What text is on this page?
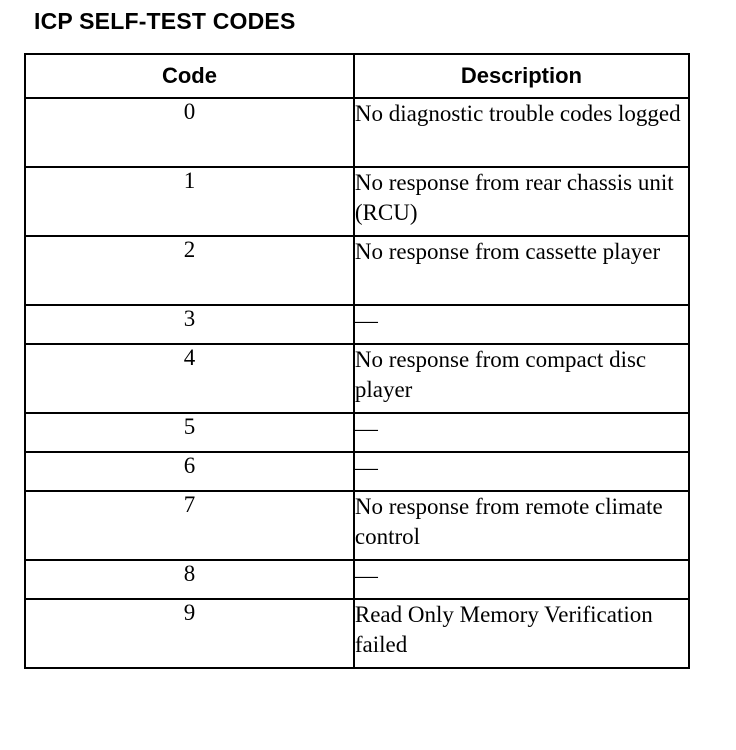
ICP SELF-TEST CODES
Code	Description
0	No diagnostic trouble codes logged
1	No response from rear chassis unit (RCU)
2	No response from cassette player
3	—
4	No response from compact disc player
5	—
6	—
7	No response from remote climate control
8	—
9	Read Only Memory Verification failed
